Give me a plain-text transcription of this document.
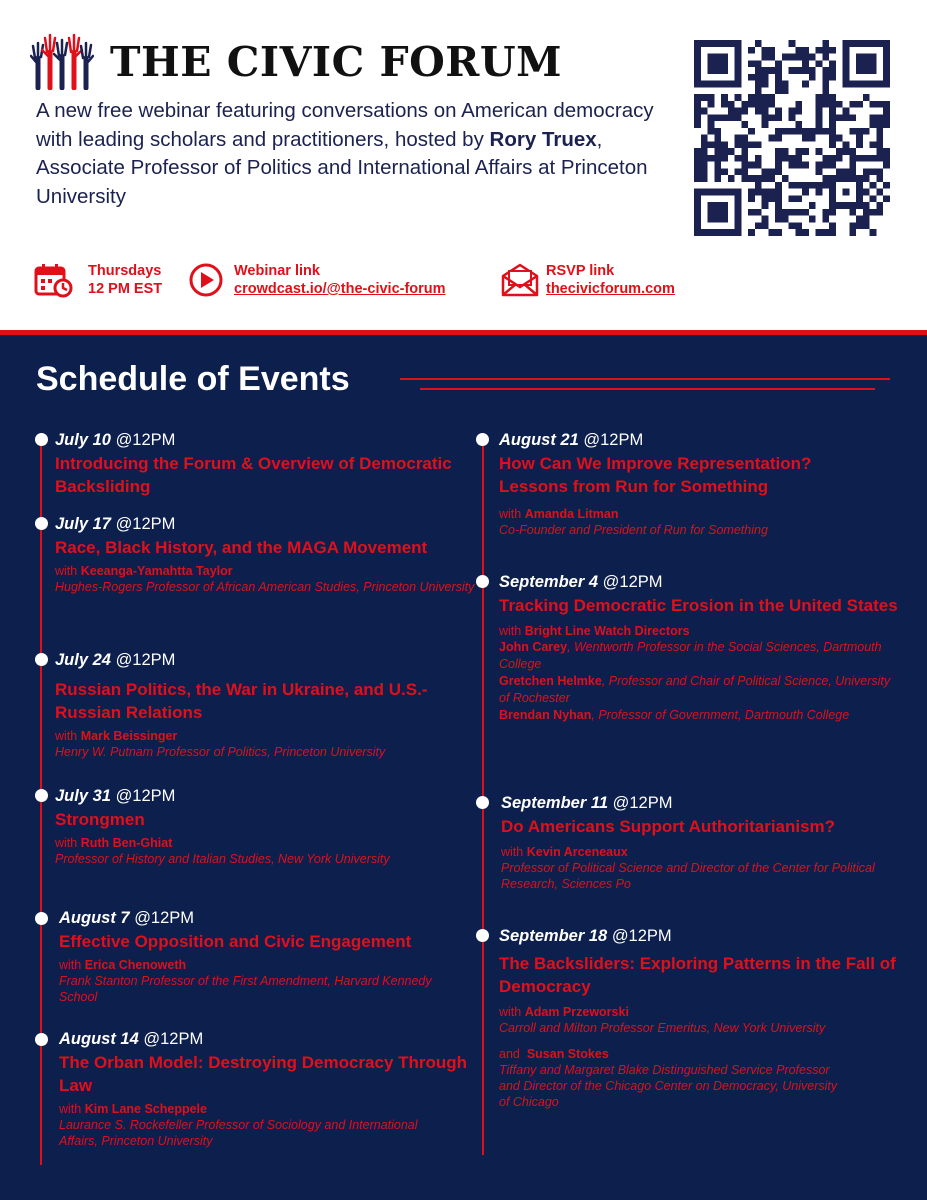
THE CIVIC FORUM
A new free webinar featuring conversations on American democracy with leading scholars and practitioners, hosted by Rory Truex, Associate Professor of Politics and International Affairs at Princeton University
Thursdays
12 PM EST
Webinar link
crowdcast.io/@the-civic-forum
RSVP link
thecivicforum.com
Schedule of Events
July 10 @12PM
Introducing the Forum & Overview of Democratic Backsliding
July 17 @12PM
Race, Black History, and the MAGA Movement
with Keeanga-Yamahtta Taylor
Hughes-Rogers Professor of African American Studies, Princeton University
July 24 @12PM
Russian Politics, the War in Ukraine, and U.S.-Russian Relations
with Mark Beissinger
Henry W. Putnam Professor of Politics, Princeton University
July 31 @12PM
Strongmen
with Ruth Ben-Ghiat
Professor of History and Italian Studies, New York University
August 7 @12PM
Effective Opposition and Civic Engagement
with Erica Chenoweth
Frank Stanton Professor of the First Amendment, Harvard Kennedy School
August 14 @12PM
The Orban Model: Destroying Democracy Through Law
with Kim Lane Scheppele
Laurance S. Rockefeller Professor of Sociology and International Affairs, Princeton University
August 21 @12PM
How Can We Improve Representation? Lessons from Run for Something
with Amanda Litman
Co-Founder and President of Run for Something
September 4 @12PM
Tracking Democratic Erosion in the United States
with Bright Line Watch Directors
John Carey, Wentworth Professor in the Social Sciences, Dartmouth College
Gretchen Helmke, Professor and Chair of Political Science, University of Rochester
Brendan Nyhan, Professor of Government, Dartmouth College
September 11 @12PM
Do Americans Support Authoritarianism?
with Kevin Arceneaux
Professor of Political Science and Director of the Center for Political Research, Sciences Po
September 18 @12PM
The Backsliders: Exploring Patterns in the Fall of Democracy
with Adam Przeworski
Carroll and Milton Professor Emeritus, New York University
and Susan Stokes
Tiffany and Margaret Blake Distinguished Service Professor and Director of the Chicago Center on Democracy, University of Chicago
